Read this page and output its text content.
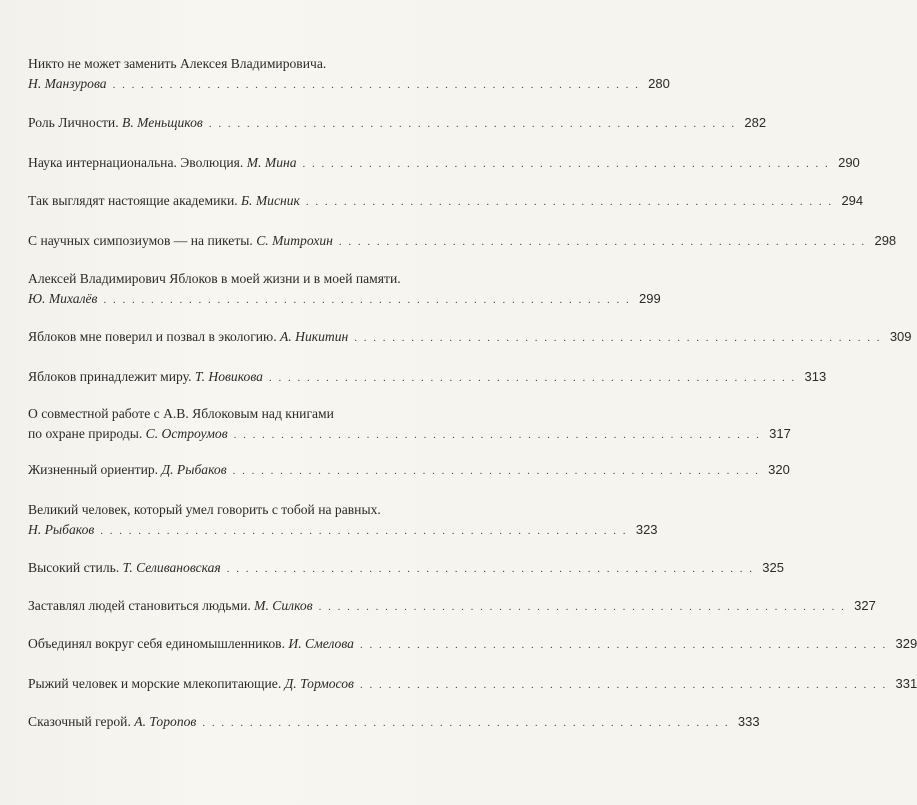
Никто не может заменить Алексея Владимировича.
Н. Манзурова . . . . . . . . . . . . . . . . . . . . . . . . . . . . . . . . . . . . . . . . . . . . . . . . . . . . . . . . 280
Роль Личности.
В. Меньщиков . . . . . . . . . . . . . . . . . . . . . . . . . . . . . . . . . . . . . . . . . . . . . . . . . . . . . . . . 282
Наука интернациональна. Эволюция.
М. Мина . . . . . . . . . . . . . . . . . . . . . . . . . . . . . . . . . . . . . . . . . . . . . . . . . . . . . . . . 290
Так выглядят настоящие академики.
Б. Мисник . . . . . . . . . . . . . . . . . . . . . . . . . . . . . . . . . . . . . . . . . . . . . . . . . . . . . . . . 294
С научных симпозиумов — на пикеты.
С. Митрохин . . . . . . . . . . . . . . . . . . . . . . . . . . . . . . . . . . . . . . . . . . . . . . . . . . . . . . . . 298
Алексей Владимирович Яблоков в моей жизни и в моей памяти.
Ю. Михалёв . . . . . . . . . . . . . . . . . . . . . . . . . . . . . . . . . . . . . . . . . . . . . . . . . . . . . . . . 299
Яблоков мне поверил и позвал в экологию.
А. Никитин . . . . . . . . . . . . . . . . . . . . . . . . . . . . . . . . . . . . . . . . . . . . . . . . . . . . . . . . 309
Яблоков принадлежит миру.
Т. Новикова . . . . . . . . . . . . . . . . . . . . . . . . . . . . . . . . . . . . . . . . . . . . . . . . . . . . . . . . 313
О совместной работе с А.В. Яблоковым над книгами
по охране природы.
С. Остроумов . . . . . . . . . . . . . . . . . . . . . . . . . . . . . . . . . . . . . . . . . . . . . . . . . . . . . . . . 317
Жизненный ориентир.
Д. Рыбаков . . . . . . . . . . . . . . . . . . . . . . . . . . . . . . . . . . . . . . . . . . . . . . . . . . . . . . . . 320
Великий человек, который умел говорить с тобой на равных.
Н. Рыбаков . . . . . . . . . . . . . . . . . . . . . . . . . . . . . . . . . . . . . . . . . . . . . . . . . . . . . . . . 323
Высокий стиль.
Т. Селивановская . . . . . . . . . . . . . . . . . . . . . . . . . . . . . . . . . . . . . . . . . . . . . . . . . . . . . . . . 325
Заставлял людей становиться людьми.
М. Силков . . . . . . . . . . . . . . . . . . . . . . . . . . . . . . . . . . . . . . . . . . . . . . . . . . . . . . . . 327
Объединял вокруг себя единомышленников.
И. Смелова . . . . . . . . . . . . . . . . . . . . . . . . . . . . . . . . . . . . . . . . . . . . . . . . . . . . . . . . 329
Рыжий человек и морские млекопитающие.
Д. Тормосов . . . . . . . . . . . . . . . . . . . . . . . . . . . . . . . . . . . . . . . . . . . . . . . . . . . . . . . . 331
Сказочный герой.
А. Торопов . . . . . . . . . . . . . . . . . . . . . . . . . . . . . . . . . . . . . . . . . . . . . . . . . . . . . . . . 333
